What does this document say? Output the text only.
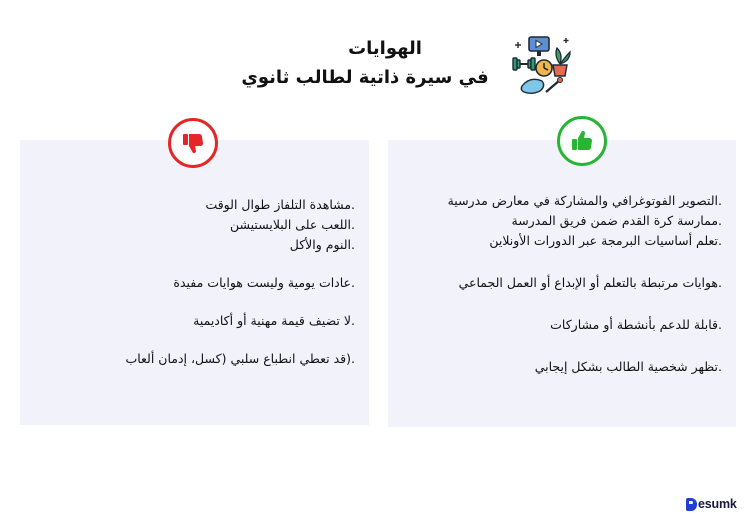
الهوايات
في سيرة ذاتية لطالب ثانوي
.مشاهدة التلفاز طوال الوقت
.اللعب على البلايستيشن
.النوم والأكل
.عادات يومية وليست هوايات مفيدة
.لا تضيف قيمة مهنية أو أكاديمية
.(قد تعطي انطباع سلبي (كسل، إدمان ألعاب
.التصوير الفوتوغرافي والمشاركة في معارض مدرسية
.ممارسة كرة القدم ضمن فريق المدرسة
.تعلم أساسيات البرمجة عبر الدورات الأونلاين
.هوايات مرتبطة بالتعلم أو الإبداع أو العمل الجماعي
.قابلة للدعم بأنشطة أو مشاركات
.تظهر شخصية الطالب بشكل إيجابي
esumk
